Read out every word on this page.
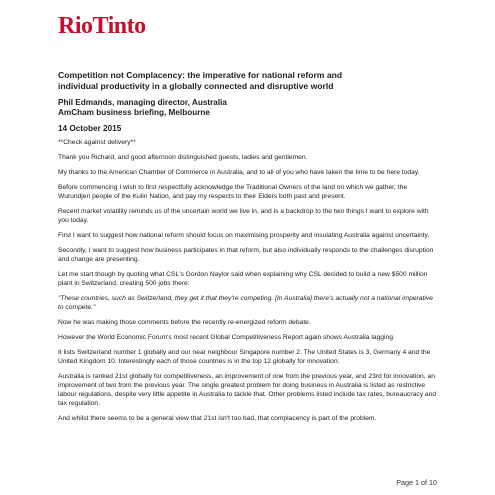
RioTinto

Competition not Complacency: the imperative for national reform and
individual productivity in a globally connected and disruptive world

Phil Edmands, managing director, Australia
AmCham business briefing, Melbourne

14 October 2015

**Check against delivery**

Thank you Richard, and good afternoon distinguished guests, ladies and gentlemen.

My thanks to the American Chamber of Commerce in Australia, and to all of you who have taken the time to be here today.

Before commencing I wish to first respectfully acknowledge the Traditional Owners of the land on which we gather, the Wurundjeri people of the Kulin Nation, and pay my respects to their Elders both past and present.

Recent market volatility reminds us of the uncertain world we live in, and is a backdrop to the two things I want to explore with you today.

First I want to suggest how national reform should focus on maximising prosperity and insulating Australia against uncertainty.

Secondly, I want to suggest how business participates in that reform, but also individually responds to the challenges disruption and change are presenting.

Let me start though by quoting what CSL's Gordon Naylor said when explaining why CSL decided to build a new $500 million plant in Switzerland, creating 500 jobs there:

"These countries, such as Switzerland, they get it that they're competing. [In Australia] there's actually not a national imperative to compete."

Now he was making those comments before the recently re-energized reform debate.

However the World Economic Forum's most recent Global Competitiveness Report again shows Australia lagging.

It lists Switzerland number 1 globally and our near neighbour Singapore number 2. The United States is 3, Germany 4 and the United Kingdom 10. Interestingly each of those countries is in the top 12 globally for innovation.

Australia is ranked 21st globally for competitiveness, an improvement of one from the previous year, and 23rd for innovation, an improvement of two from the previous year. The single greatest problem for doing business in Australia is listed as restrictive labour regulations, despite very little appetite in Australia to tackle that. Other problems listed include tax rates, bureaucracy and tax regulation.

And whilst there seems to be a general view that 21st isn't too bad, that complacency is part of the problem.

Page 1 of 10
